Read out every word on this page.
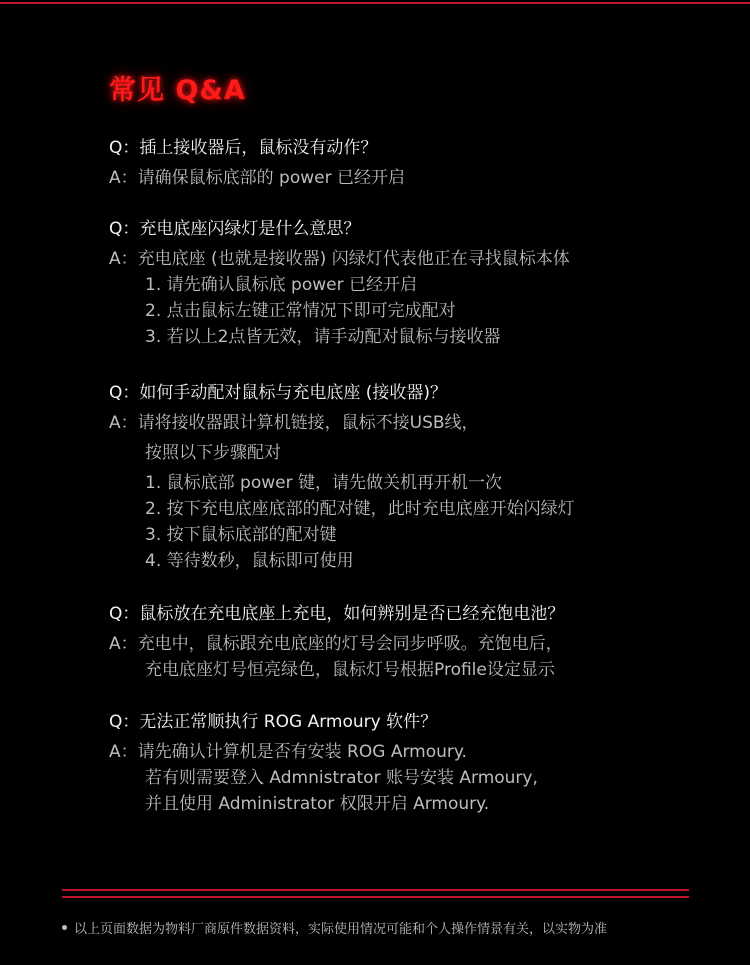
常见 Q&A
Q：插上接收器后，鼠标没有动作？
A：请确保鼠标底部的 power 已经开启
Q：充电底座闪绿灯是什么意思？
A：充电底座 (也就是接收器) 闪绿灯代表他正在寻找鼠标本体
1. 请先确认鼠标底 power 已经开启
2. 点击鼠标左键正常情况下即可完成配对
3. 若以上2点皆无效，请手动配对鼠标与接收器
Q：如何手动配对鼠标与充电底座 (接收器)？
A：请将接收器跟计算机链接，鼠标不接USB线，
按照以下步骤配对
1. 鼠标底部 power 键，请先做关机再开机一次
2. 按下充电底座底部的配对键，此时充电底座开始闪绿灯
3. 按下鼠标底部的配对键
4. 等待数秒，鼠标即可使用
Q：鼠标放在充电底座上充电，如何辨别是否已经充饱电池？
A：充电中，鼠标跟充电底座的灯号会同步呼吸。充饱电后，
充电底座灯号恒亮绿色，鼠标灯号根据Profile设定显示
Q：无法正常顺执行 ROG Armoury 软件？
A：请先确认计算机是否有安装 ROG Armoury.
若有则需要登入 Admnistrator 账号安装 Armoury,
并且使用 Administrator 权限开启 Armoury.
以上页面数据为物料厂商原件数据资料，实际使用情况可能和个人操作情景有关，以实物为准
